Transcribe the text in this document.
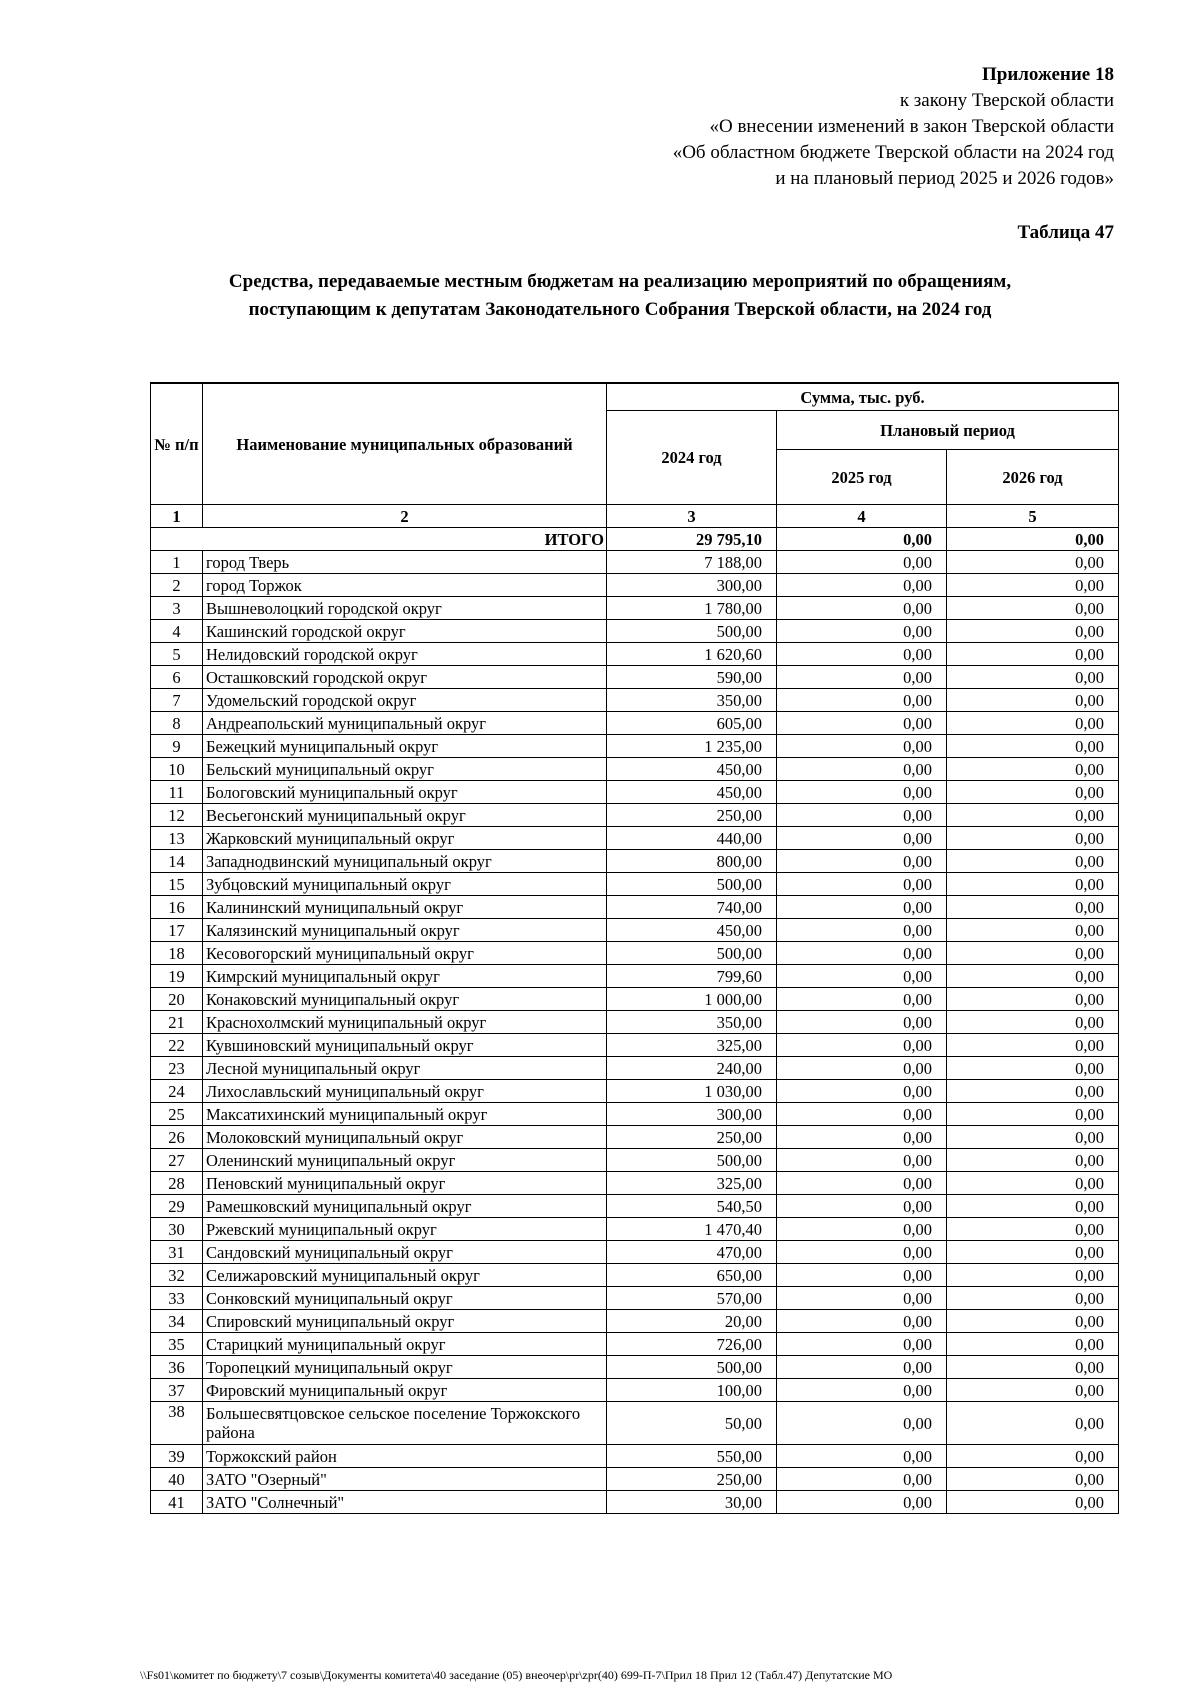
Приложение 18
к закону Тверской области
«О внесении изменений в закон Тверской области
«Об областном бюджете Тверской области на 2024 год
и на плановый период 2025 и 2026 годов»
Таблица 47
Средства, передаваемые местным бюджетам на реализацию мероприятий по обращениям,
поступающим к депутатам Законодательного Собрания Тверской области, на 2024 год
№ п/п	Наименование муниципальных образований	Сумма, тыс. руб.		
		2024 год	Плановый период	
			2025 год	2026 год
1	2	3	4	5
ИТОГО		29 795,10	0,00	0,00
1	город Тверь	7 188,00	0,00	0,00
2	город Торжок	300,00	0,00	0,00
3	Вышневолоцкий городской округ	1 780,00	0,00	0,00
4	Кашинский городской округ	500,00	0,00	0,00
5	Нелидовский городской округ	1 620,60	0,00	0,00
6	Осташковский городской округ	590,00	0,00	0,00
7	Удомельский городской округ	350,00	0,00	0,00
8	Андреапольский муниципальный округ	605,00	0,00	0,00
9	Бежецкий муниципальный округ	1 235,00	0,00	0,00
10	Бельский муниципальный округ	450,00	0,00	0,00
11	Бологовский муниципальный округ	450,00	0,00	0,00
12	Весьегонский муниципальный округ	250,00	0,00	0,00
13	Жарковский муниципальный округ	440,00	0,00	0,00
14	Западнодвинский муниципальный округ	800,00	0,00	0,00
15	Зубцовский муниципальный округ	500,00	0,00	0,00
16	Калининский муниципальный округ	740,00	0,00	0,00
17	Калязинский муниципальный округ	450,00	0,00	0,00
18	Кесовогорский муниципальный округ	500,00	0,00	0,00
19	Кимрский муниципальный округ	799,60	0,00	0,00
20	Конаковский муниципальный округ	1 000,00	0,00	0,00
21	Краснохолмский муниципальный округ	350,00	0,00	0,00
22	Кувшиновский муниципальный округ	325,00	0,00	0,00
23	Лесной муниципальный округ	240,00	0,00	0,00
24	Лихославльский муниципальный округ	1 030,00	0,00	0,00
25	Максатихинский муниципальный округ	300,00	0,00	0,00
26	Молоковский муниципальный округ	250,00	0,00	0,00
27	Оленинский муниципальный округ	500,00	0,00	0,00
28	Пеновский муниципальный округ	325,00	0,00	0,00
29	Рамешковский муниципальный округ	540,50	0,00	0,00
30	Ржевский муниципальный округ	1 470,40	0,00	0,00
31	Сандовский муниципальный округ	470,00	0,00	0,00
32	Селижаровский муниципальный округ	650,00	0,00	0,00
33	Сонковский муниципальный округ	570,00	0,00	0,00
34	Спировский муниципальный округ	20,00	0,00	0,00
35	Старицкий муниципальный округ	726,00	0,00	0,00
36	Торопецкий муниципальный округ	500,00	0,00	0,00
37	Фировский муниципальный округ	100,00	0,00	0,00
38	Большесвятцовское сельское поселение Торжокского района	50,00	0,00	0,00
39	Торжокский район	550,00	0,00	0,00
40	ЗАТО "Озерный"	250,00	0,00	0,00
41	ЗАТО "Солнечный"	30,00	0,00	0,00
\\Fs01\комитет по бюджету\7 созыв\Документы комитета\40 заседание (05) внеочер\pr\zpr(40) 699-П-7\Прил 18 Прил 12 (Табл.47) Депутатские МО
